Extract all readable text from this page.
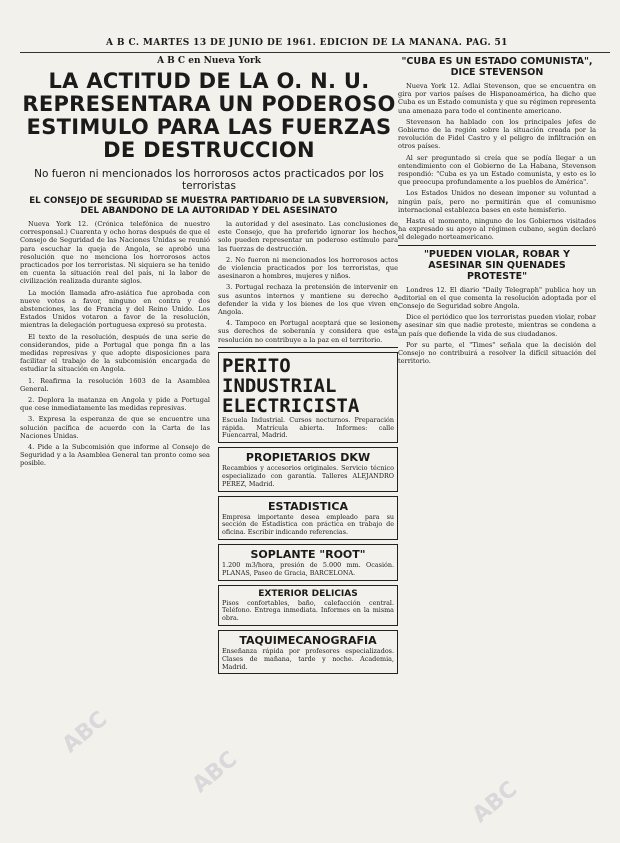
A B C. MARTES 13 DE JUNIO DE 1961. EDICION DE LA MAÑANA. PAG. 51
A B C en Nueva York
LA ACTITUD DE LA O. N. U. REPRESENTARA UN PODEROSO ESTIMULO PARA LAS FUERZAS DE DESTRUCCION
No fueron ni mencionados los horrorosos actos practicados por los terroristas
EL CONSEJO DE SEGURIDAD SE MUESTRA PARTIDARIO DE LA SUBVERSION, DEL ABANDONO DE LA AUTORIDAD Y DEL ASESINATO

Nueva York 12. (Crónica telefónica de nuestro corresponsal.) Cuarenta y ocho horas después de que el Consejo de Seguridad de las Naciones Unidas se reunió para escuchar la queja de Angola, se aprobó una resolución que no menciona los horrorosos actos practicados por los terroristas. Ni siquiera se ha tenido en cuenta la situación real del país, ni la labor de civilización realizada durante siglos.

La moción llamada afro-asiática fue aprobada con nueve votos a favor, ninguno en contra y dos abstenciones, las de Francia y del Reino Unido. Los Estados Unidos votaron a favor de la resolución, mientras la delegación portuguesa expresó su protesta.

El texto de la resolución, después de una serie de considerandos, pide a Portugal que ponga fin a las medidas represivas y que adopte disposiciones para facilitar el trabajo de la subcomisión encargada de estudiar la situación en Angola.

1. Reafirma la resolución 1603 de la Asamblea General.

2. Deplora la matanza en Angola y pide a Portugal que cese inmediatamente las medidas represivas.

3. Expresa la esperanza de que se encuentre una solución pacífica de acuerdo con la Carta de las Naciones Unidas.

4. Pide a la Subcomisión que informe al Consejo de Seguridad y a la Asamblea General tan pronto como sea posible.

la autoridad y del asesinato. Las conclusiones de este Consejo, que ha preferido ignorar los hechos, solo pueden representar un poderoso estímulo para las fuerzas de destrucción.

2. No fueron ni mencionados los horrorosos actos de violencia practicados por los terroristas, que asesinaron a hombres, mujeres y niños.

3. Portugal rechaza la pretensión de intervenir en sus asuntos internos y mantiene su derecho a defender la vida y los bienes de los que viven en Angola.

4. Tampoco en Portugal aceptará que se lesionen sus derechos de soberanía y considera que esta resolución no contribuye a la paz en el territorio.

PERITO INDUSTRIAL ELECTRICISTA

Escuela Industrial. Cursos nocturnos. Preparación rápida. Matrícula abierta. Informes: calle Fuencarral, Madrid.

PROPIETARIOS DKW

Recambios y accesorios originales. Servicio técnico especializado con garantía. Talleres ALEJANDRO PEREZ, Madrid.

ESTADISTICA

Empresa importante desea empleado para su sección de Estadística con práctica en trabajo de oficina. Escribir indicando referencias.

SOPLANTE "ROOT"

1.200 m3/hora, presión de 5.000 mm. Ocasión. PLANAS, Paseo de Gracia, BARCELONA.

EXTERIOR DELICIAS

Pisos confortables, baño, calefacción central. Teléfono. Entrega inmediata. Informes en la misma obra.

TAQUIMECANOGRAFIA

Enseñanza rápida por profesores especializados. Clases de mañana, tarde y noche. Academia, Madrid.

"CUBA ES UN ESTADO COMUNISTA", DICE STEVENSON

Nueva York 12. Adlai Stevenson, que se encuentra en gira por varios países de Hispanoamérica, ha dicho que Cuba es un Estado comunista y que su régimen representa una amenaza para todo el continente americano.

Stevenson ha hablado con los principales jefes de Gobierno de la región sobre la situación creada por la revolución de Fidel Castro y el peligro de infiltración en otros países.

Al ser preguntado si creía que se podía llegar a un entendimiento con el Gobierno de La Habana, Stevenson respondió: "Cuba es ya un Estado comunista, y esto es lo que preocupa profundamente a los pueblos de América".

Los Estados Unidos no desean imponer su voluntad a ningún país, pero no permitirán que el comunismo internacional establezca bases en este hemisferio.

Hasta el momento, ninguno de los Gobiernos visitados ha expresado su apoyo al régimen cubano, según declaró el delegado norteamericano.

"PUEDEN VIOLAR, ROBAR Y ASESINAR SIN QUENADES PROTESTE"

Londres 12. El diario "Daily Telegraph" publica hoy un editorial en el que comenta la resolución adoptada por el Consejo de Seguridad sobre Angola.

Dice el periódico que los terroristas pueden violar, robar y asesinar sin que nadie proteste, mientras se condena a un país que defiende la vida de sus ciudadanos.

Por su parte, el "Times" señala que la decisión del Consejo no contribuirá a resolver la difícil situación del territorio.

ABC
ABC
ABC
